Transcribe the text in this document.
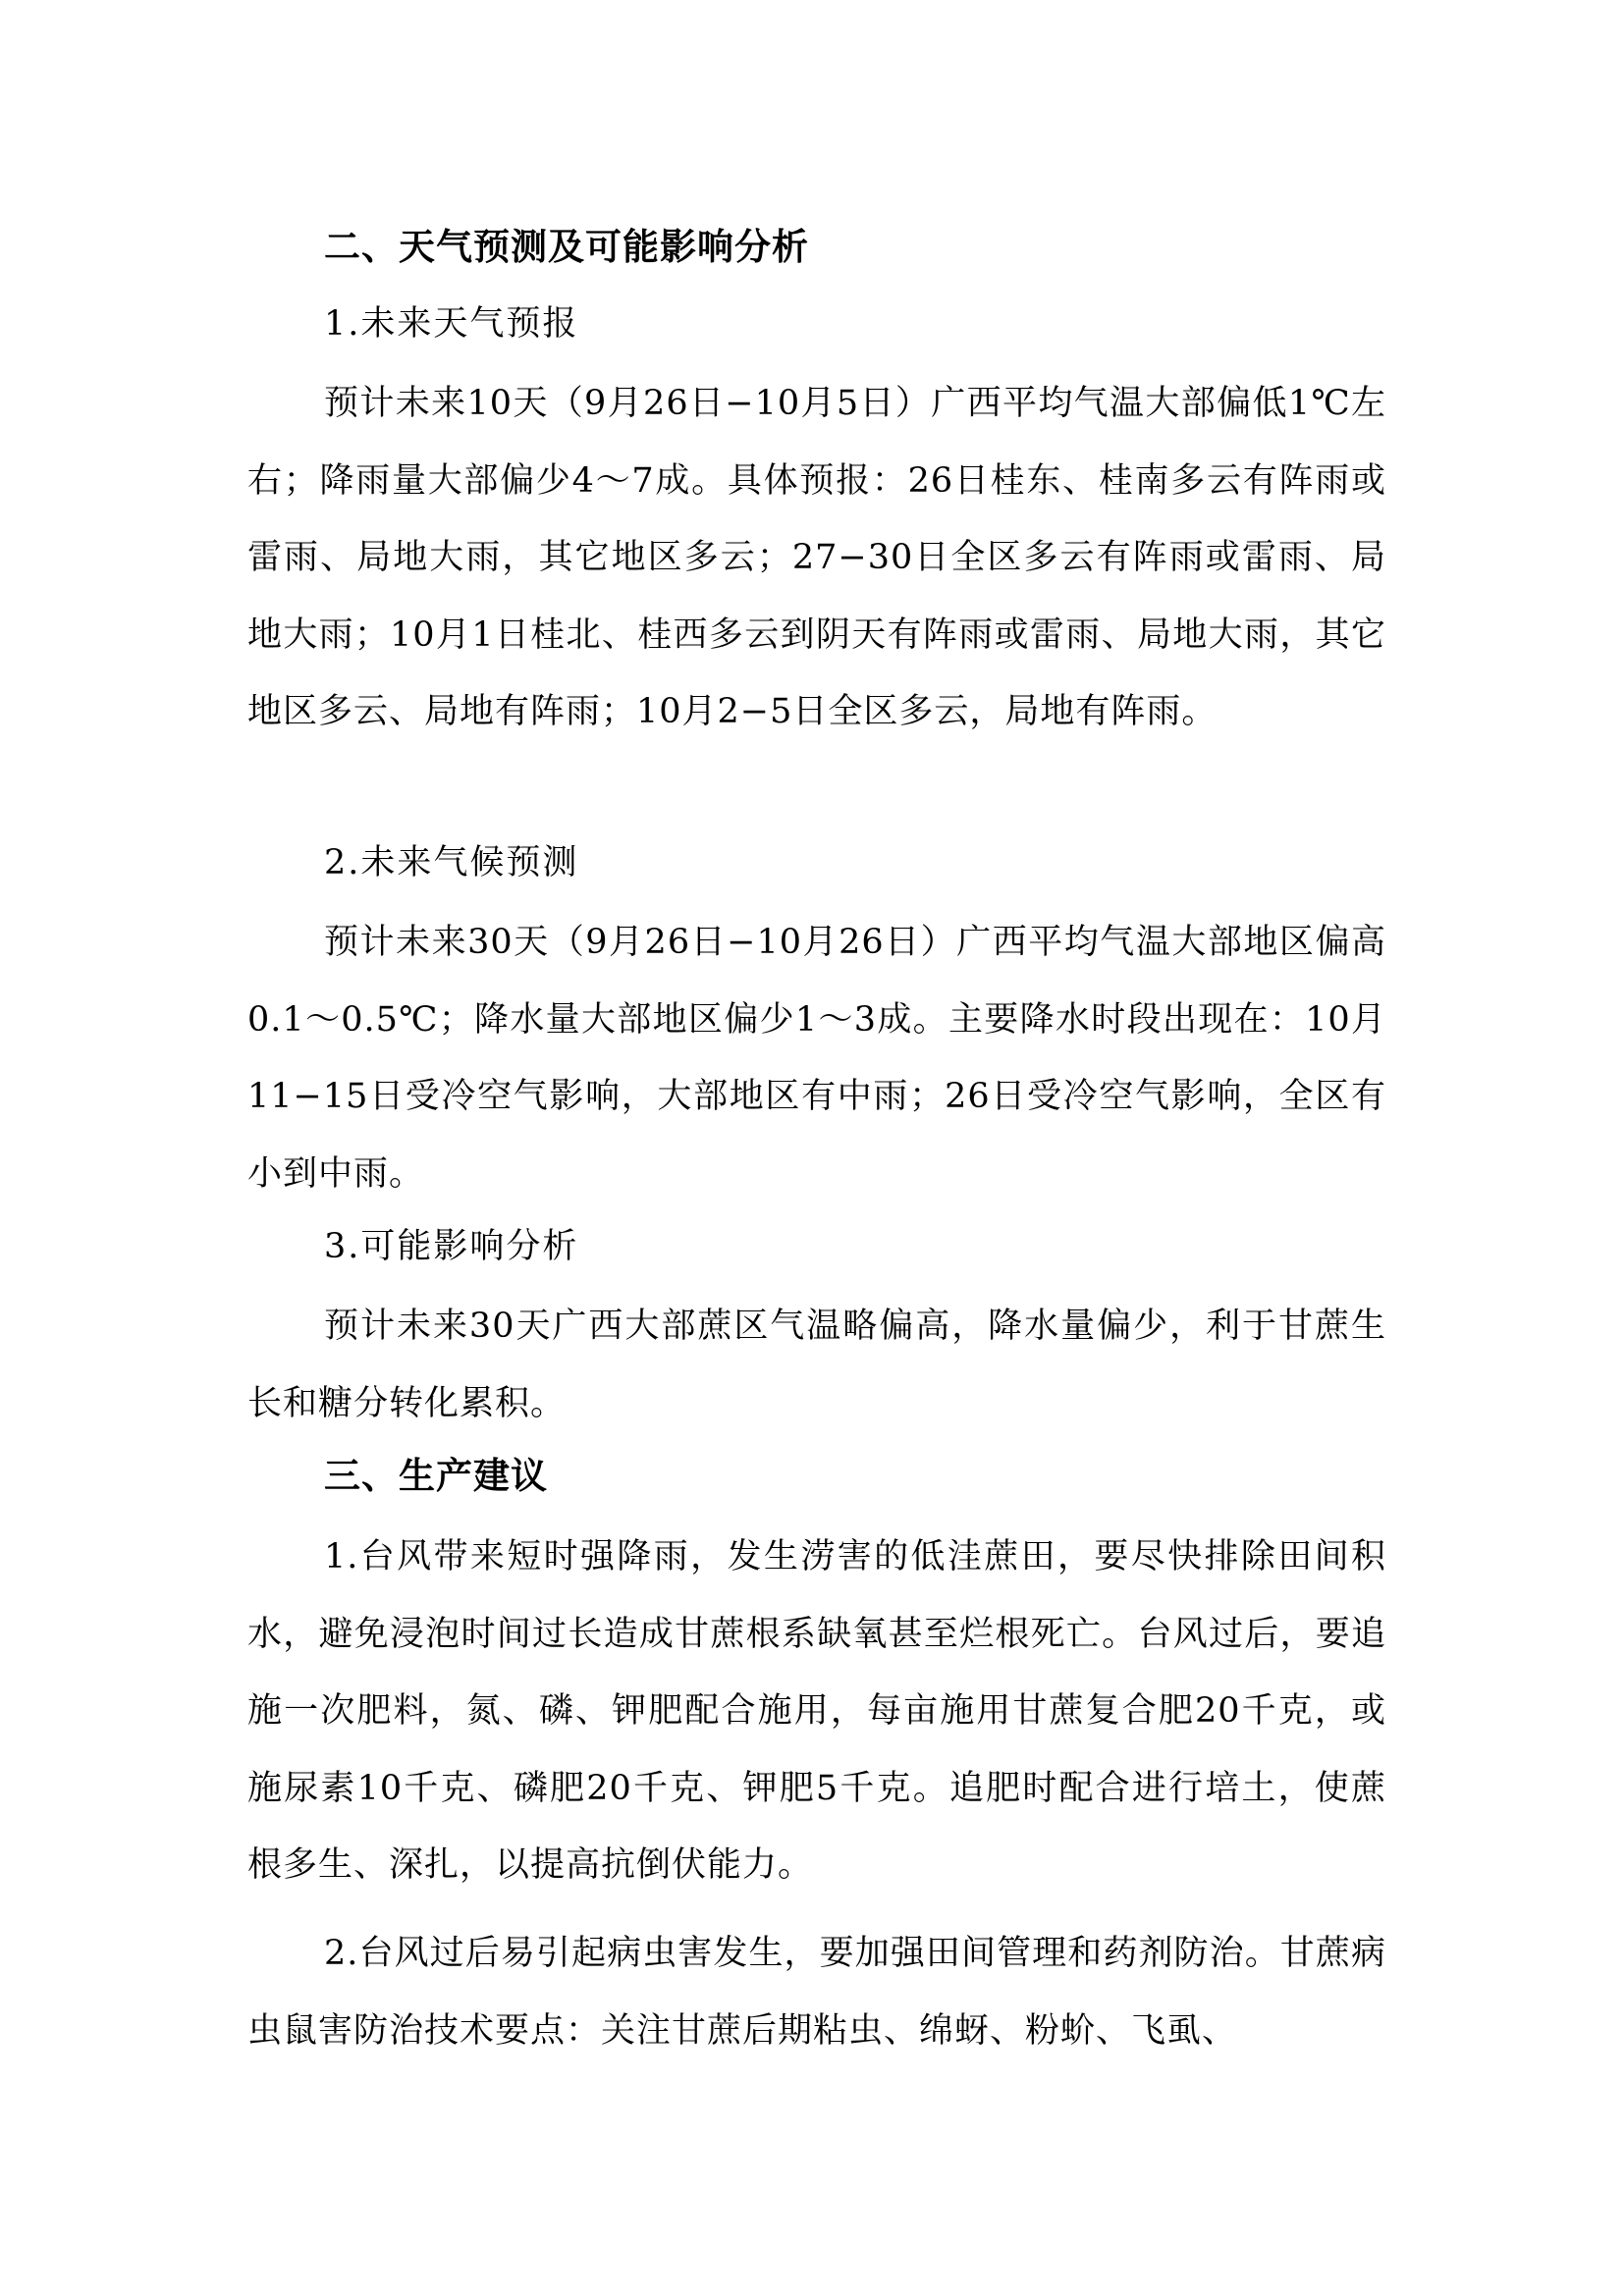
二、天气预测及可能影响分析
1.未来天气预报

预计未来10天（9月26日−10月5日）广西平均气温大部偏低1℃左右；降雨量大部偏少4～7成。具体预报：26日桂东、桂南多云有阵雨或雷雨、局地大雨，其它地区多云；27−30日全区多云有阵雨或雷雨、局地大雨；10月1日桂北、桂西多云到阴天有阵雨或雷雨、局地大雨，其它地区多云、局地有阵雨；10月2−5日全区多云，局地有阵雨。

2.未来气候预测

预计未来30天（9月26日−10月26日）广西平均气温大部地区偏高0.1～0.5℃；降水量大部地区偏少1～3成。主要降水时段出现在：10月11−15日受冷空气影响，大部地区有中雨；26日受冷空气影响，全区有小到中雨。

3.可能影响分析

预计未来30天广西大部蔗区气温略偏高，降水量偏少，利于甘蔗生长和糖分转化累积。

三、生产建议

1.台风带来短时强降雨，发生涝害的低洼蔗田，要尽快排除田间积水，避免浸泡时间过长造成甘蔗根系缺氧甚至烂根死亡。台风过后，要追施一次肥料，氮、磷、钾肥配合施用，每亩施用甘蔗复合肥20千克，或施尿素10千克、磷肥20千克、钾肥5千克。追肥时配合进行培土，使蔗根多生、深扎，以提高抗倒伏能力。

2.台风过后易引起病虫害发生，要加强田间管理和药剂防治。甘蔗病虫鼠害防治技术要点：关注甘蔗后期粘虫、绵蚜、粉蚧、飞虱、
